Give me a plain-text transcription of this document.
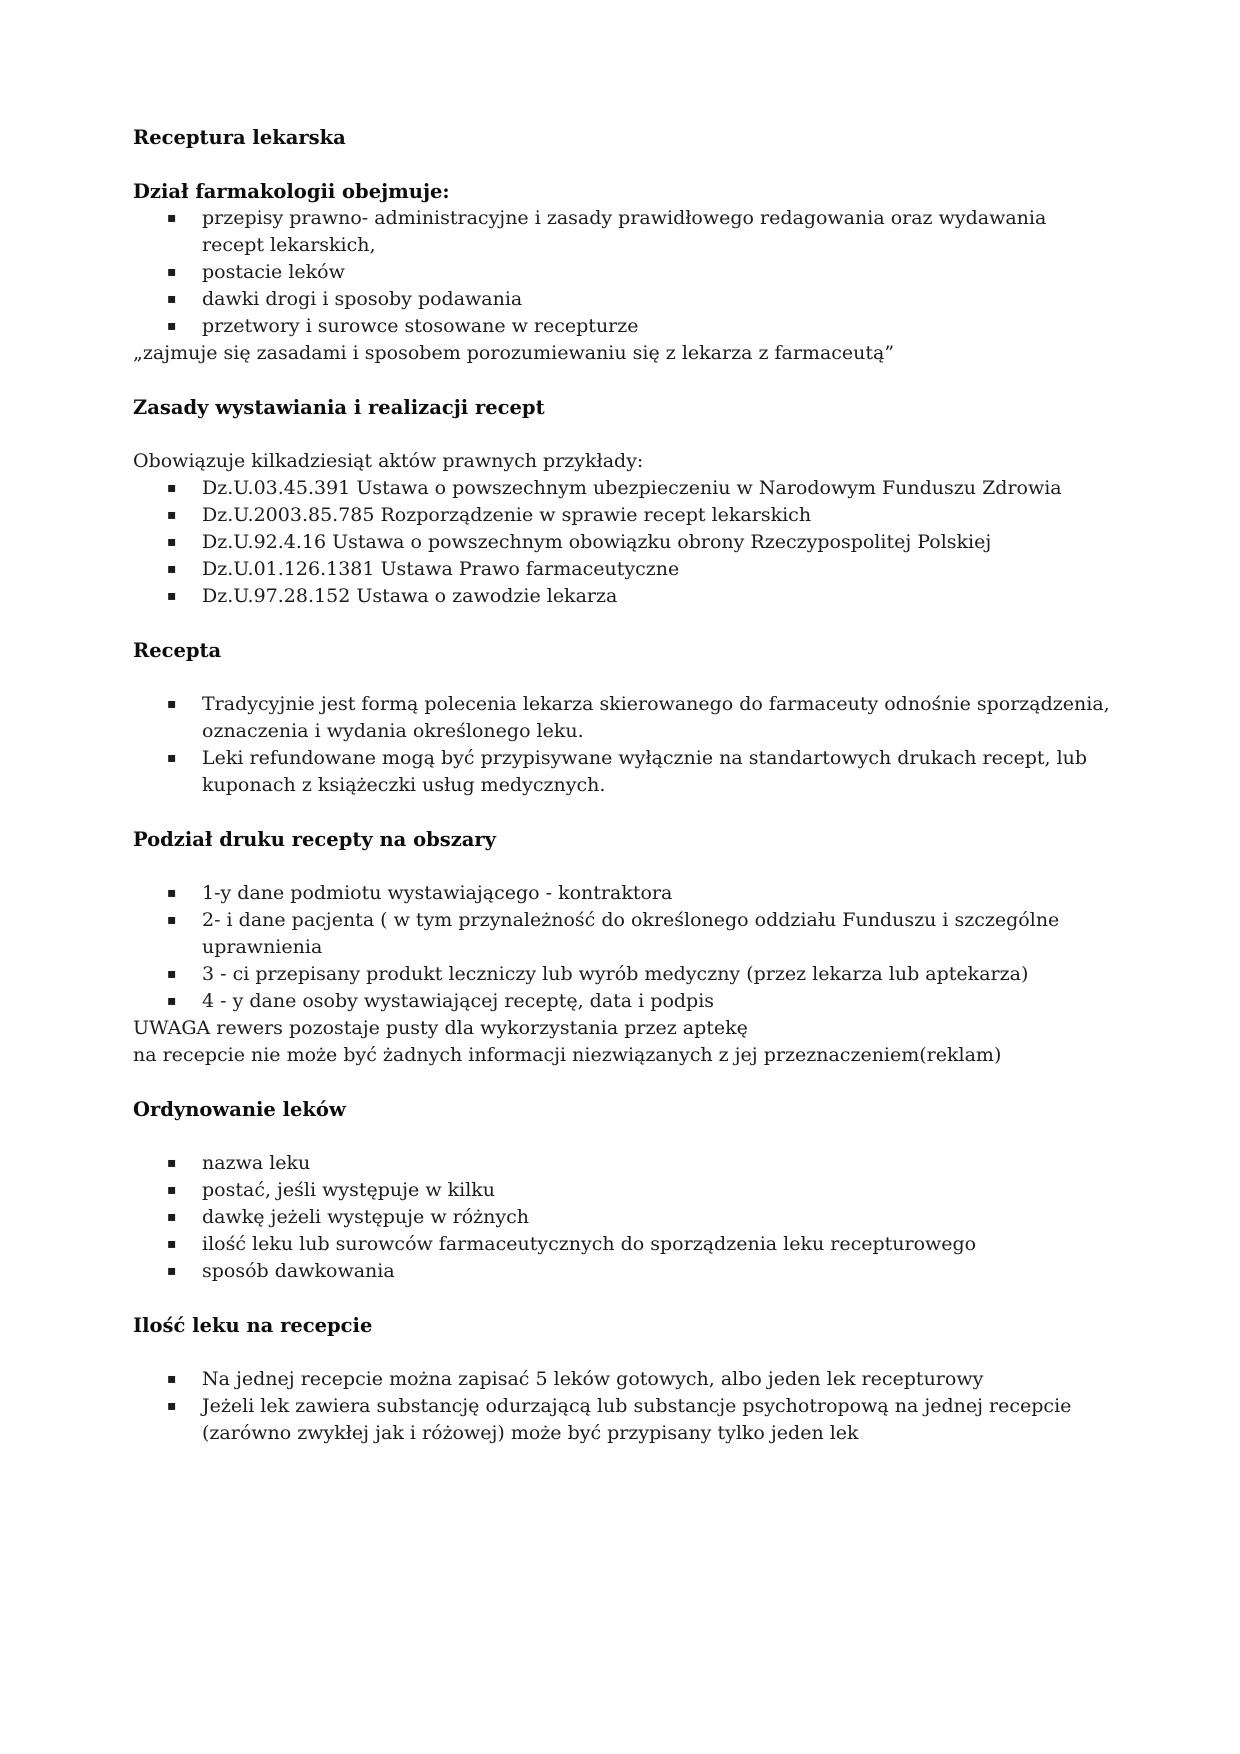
Receptura lekarska
Dział farmakologii obejmuje:
▪	przepisy prawno- administracyjne i zasady prawidłowego redagowania oraz wydawania recept lekarskich,
▪	postacie leków
▪	dawki drogi i sposoby podawania
▪	przetwory i surowce stosowane w recepturze

„zajmuje się zasadami i sposobem porozumiewaniu się z lekarza z farmaceutą”

Zasady wystawiania i realizacji recept

Obowiązuje kilkadziesiąt aktów prawnych przykłady:

▪	Dz.U.03.45.391 Ustawa o powszechnym ubezpieczeniu w Narodowym Funduszu Zdrowia
▪	Dz.U.2003.85.785 Rozporządzenie w sprawie recept lekarskich
▪	Dz.U.92.4.16 Ustawa o powszechnym obowiązku obrony Rzeczypospolitej Polskiej
▪	Dz.U.01.126.1381 Ustawa Prawo farmaceutyczne
▪	Dz.U.97.28.152 Ustawa o zawodzie lekarza
Recepta
▪	Tradycyjnie jest formą polecenia lekarza skierowanego do farmaceuty odnośnie sporządzenia, oznaczenia i wydania określonego leku.
▪	Leki refundowane mogą być przypisywane wyłącznie na standartowych drukach recept, lub kuponach z książeczki usług medycznych.
Podział druku recepty na obszary
▪	1-y dane podmiotu wystawiającego - kontraktora
▪	2- i dane pacjenta ( w tym przynależność do określonego oddziału Funduszu i szczególne uprawnienia
▪	3 - ci przepisany produkt leczniczy lub wyrób medyczny (przez lekarza lub aptekarza)
▪	4 - y dane osoby wystawiającej receptę, data i podpis

UWAGA rewers pozostaje pusty dla wykorzystania przez aptekę

na recepcie nie może być żadnych informacji niezwiązanych z jej przeznaczeniem(reklam)

Ordynowanie leków
▪	nazwa leku
▪	postać, jeśli występuje w kilku
▪	dawkę jeżeli występuje w różnych
▪	ilość leku lub surowców farmaceutycznych do sporządzenia leku recepturowego
▪	sposób dawkowania
Ilość leku na recepcie
▪	Na jednej recepcie można zapisać 5 leków gotowych, albo jeden lek recepturowy
▪	Jeżeli lek zawiera substancję odurzającą lub substancje psychotropową na jednej recepcie (zarówno zwykłej jak i różowej) może być przypisany tylko jeden lek
